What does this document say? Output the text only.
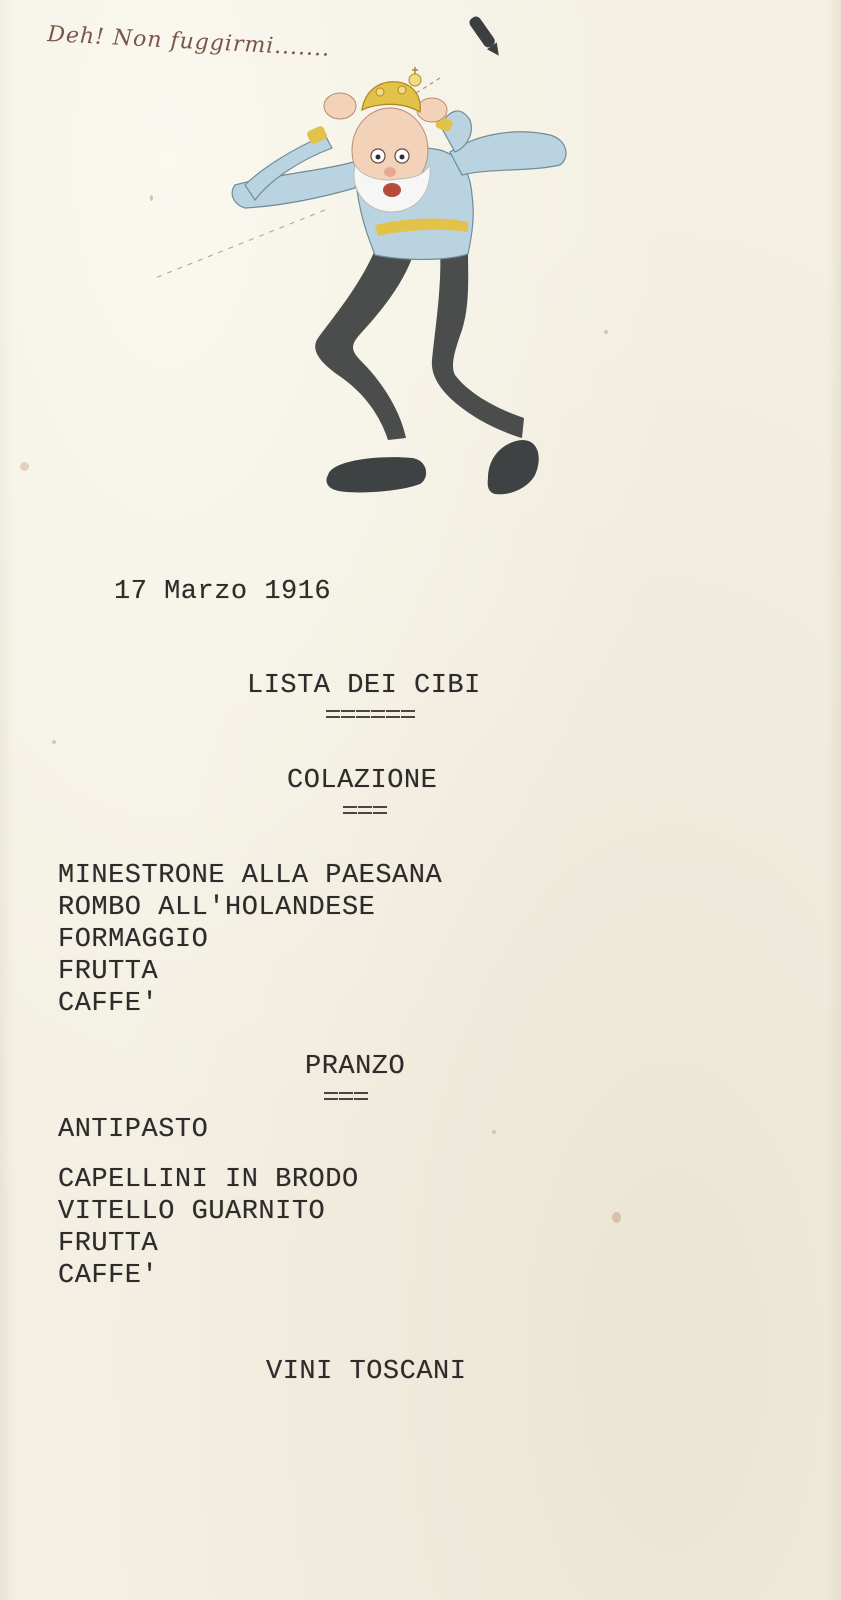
Deh! Non fuggirmi.......
17 Marzo 1916
LISTA DEI CIBI
COLAZIONE
MINESTRONE ALLA PAESANA
ROMBO ALL'HOLANDESE
FORMAGGIO
FRUTTA
CAFFE'
PRANZO
ANTIPASTO
CAPELLINI IN BRODO
VITELLO GUARNITO
FRUTTA
CAFFE'
VINI TOSCANI
